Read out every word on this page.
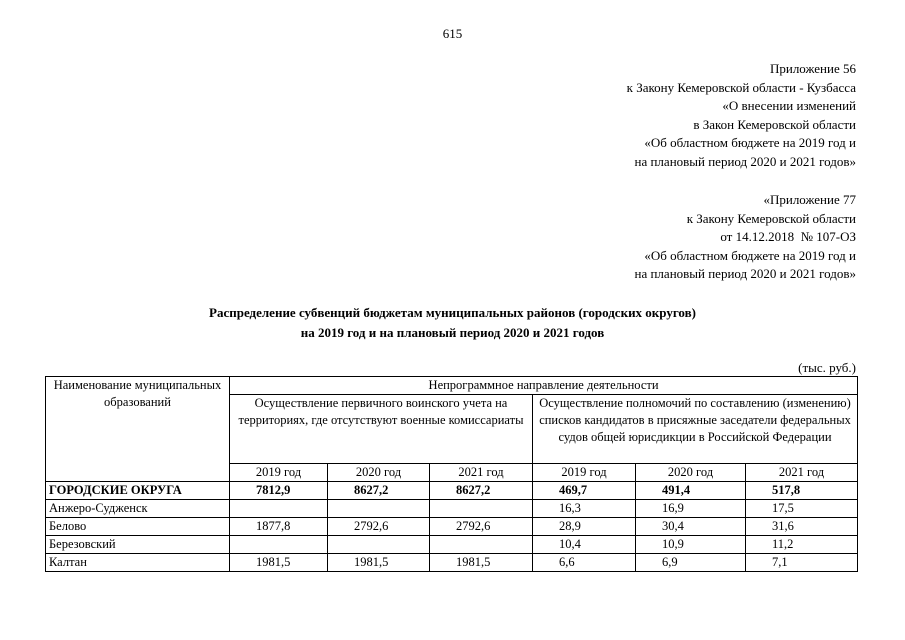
615
Приложение 56
к Закону Кемеровской области - Кузбасса
«О внесении изменений
в Закон Кемеровской области
«Об областном бюджете на 2019 год и
на плановый период 2020 и 2021 годов»
«Приложение 77
к Закону Кемеровской области
от 14.12.2018  № 107-ОЗ
«Об областном бюджете на 2019 год и
на плановый период 2020 и 2021 годов»
Распределение субвенций бюджетам муниципальных районов (городских округов)
на 2019 год и на плановый период 2020 и 2021 годов
(тыс. руб.)
Наименование муниципальных образований	Непрограммное направление деятельности					
	Осуществление первичного воинского учета на территориях, где отсутствуют военные комиссариаты			Осуществление полномочий по составлению (изменению) списков кандидатов в присяжные заседатели федеральных судов общей юрисдикции в Российской Федерации		
	2019 год	2020 год	2021 год	2019 год	2020 год	2021 год
ГОРОДСКИЕ ОКРУГА	7812,9	8627,2	8627,2	469,7	491,4	517,8
Анжеро-Судженск				16,3	16,9	17,5
Белово	1877,8	2792,6	2792,6	28,9	30,4	31,6
Березовский				10,4	10,9	11,2
Калтан	1981,5	1981,5	1981,5	6,6	6,9	7,1
